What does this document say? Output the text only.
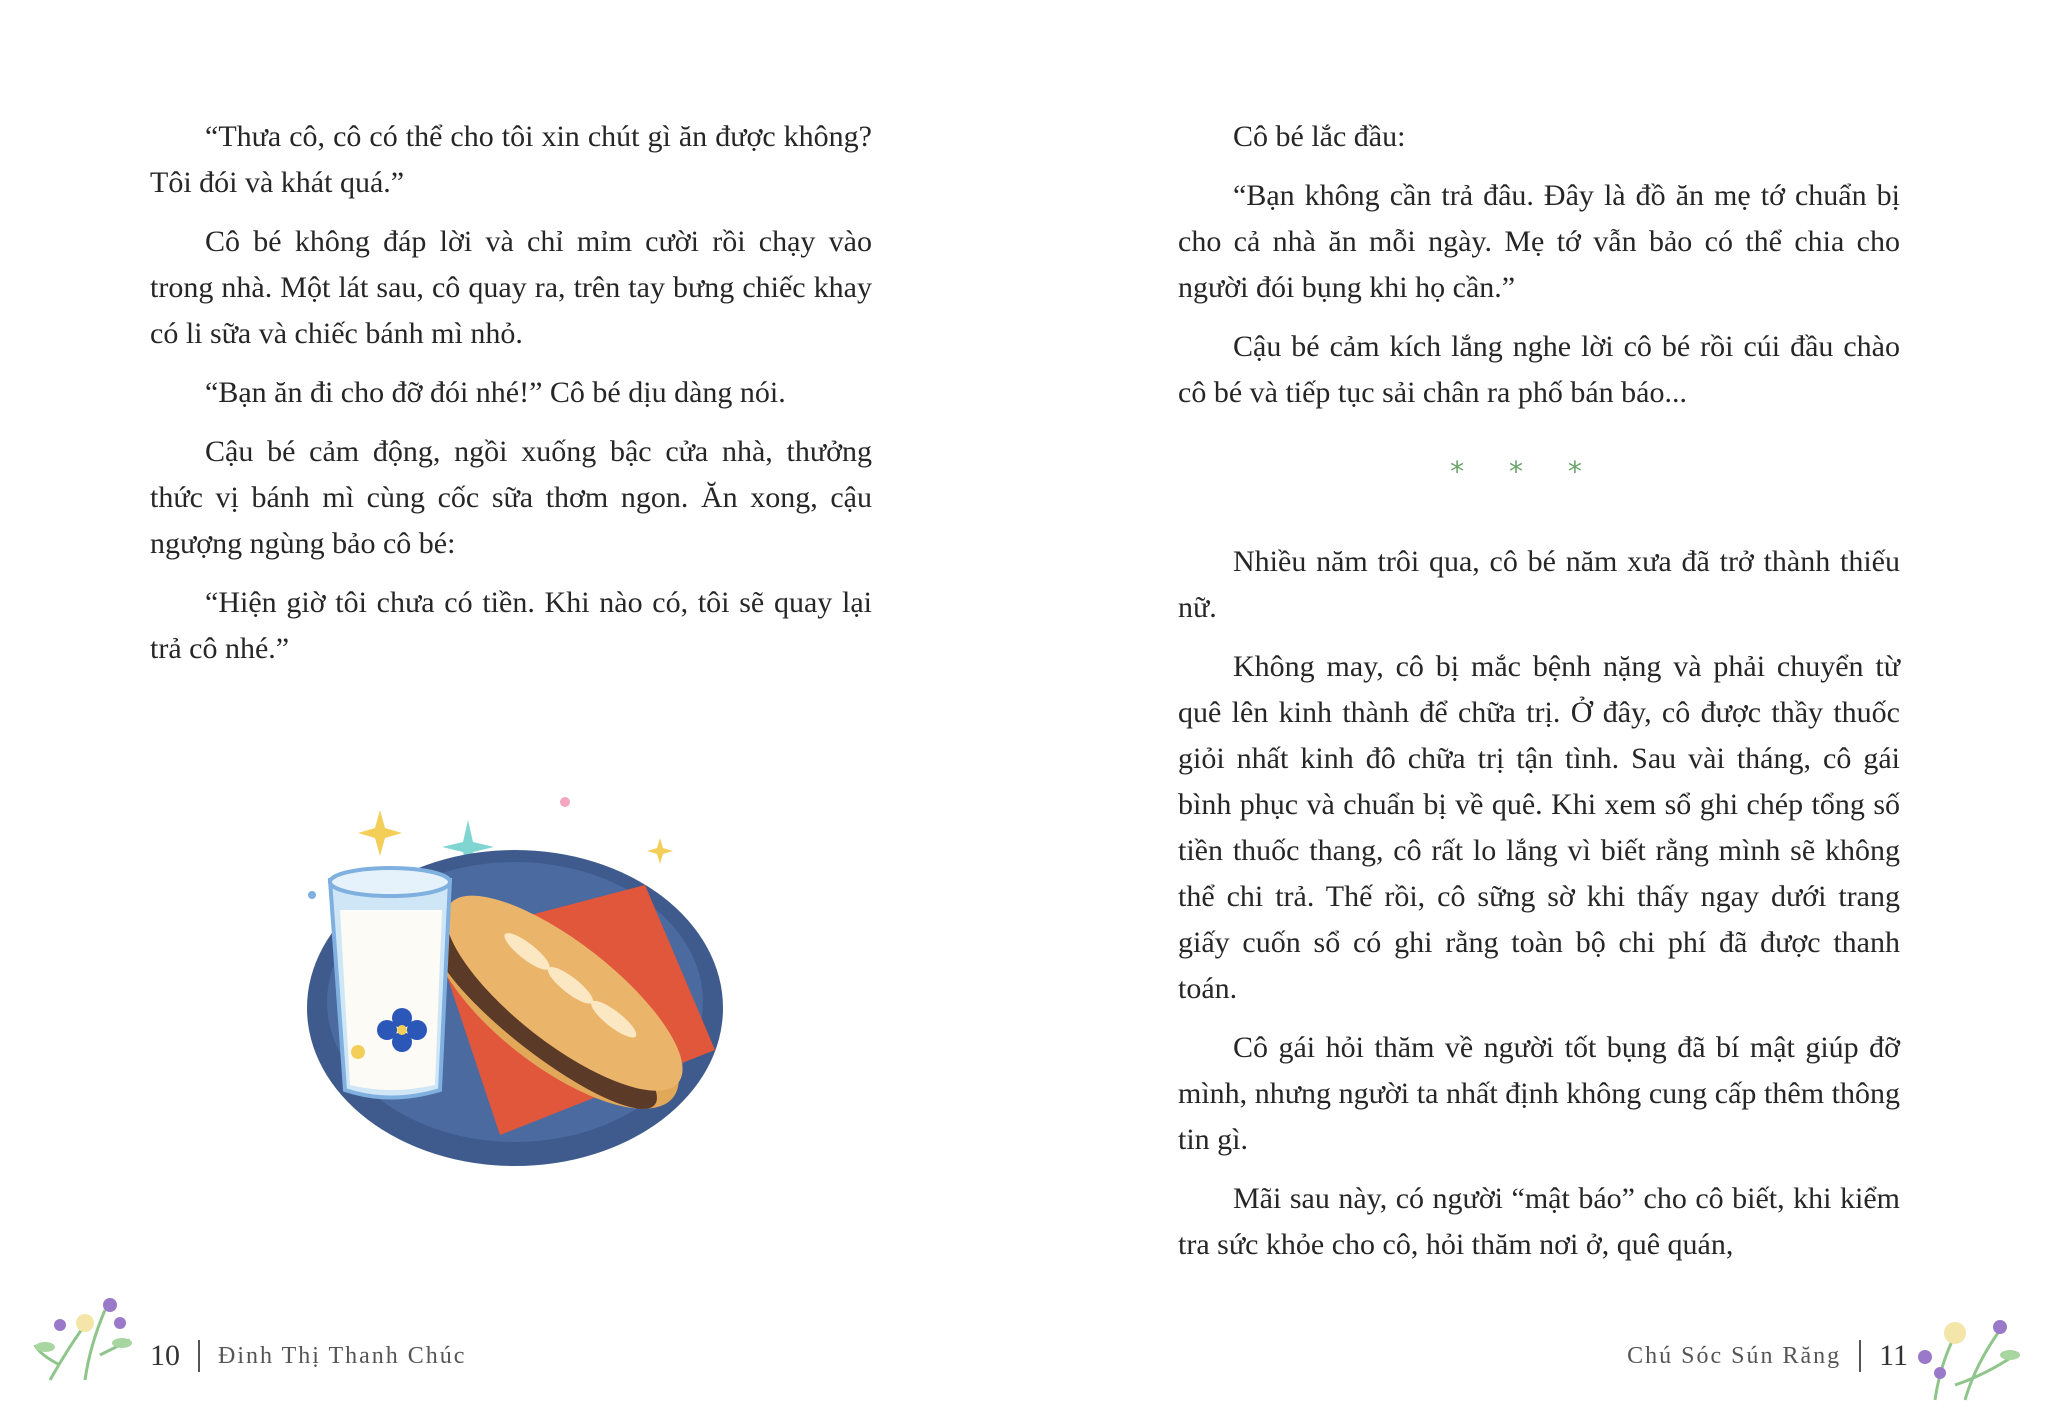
“Thưa cô, cô có thể cho tôi xin chút gì ăn được không? Tôi đói và khát quá.”

Cô bé không đáp lời và chỉ mỉm cười rồi chạy vào trong nhà. Một lát sau, cô quay ra, trên tay bưng chiếc khay có li sữa và chiếc bánh mì nhỏ.

“Bạn ăn đi cho đỡ đói nhé!” Cô bé dịu dàng nói.

Cậu bé cảm động, ngồi xuống bậc cửa nhà, thưởng thức vị bánh mì cùng cốc sữa thơm ngon. Ăn xong, cậu ngượng ngùng bảo cô bé:

“Hiện giờ tôi chưa có tiền. Khi nào có, tôi sẽ quay lại trả cô nhé.”

Cô bé lắc đầu:

“Bạn không cần trả đâu. Đây là đồ ăn mẹ tớ chuẩn bị cho cả nhà ăn mỗi ngày. Mẹ tớ vẫn bảo có thể chia cho người đói bụng khi họ cần.”

Cậu bé cảm kích lắng nghe lời cô bé rồi cúi đầu chào cô bé và tiếp tục sải chân ra phố bán báo...

* * *

Nhiều năm trôi qua, cô bé năm xưa đã trở thành thiếu nữ.

Không may, cô bị mắc bệnh nặng và phải chuyển từ quê lên kinh thành để chữa trị. Ở đây, cô được thầy thuốc giỏi nhất kinh đô chữa trị tận tình. Sau vài tháng, cô gái bình phục và chuẩn bị về quê. Khi xem sổ ghi chép tổng số tiền thuốc thang, cô rất lo lắng vì biết rằng mình sẽ không thể chi trả. Thế rồi, cô sững sờ khi thấy ngay dưới trang giấy cuốn sổ có ghi rằng toàn bộ chi phí đã được thanh toán.

Cô gái hỏi thăm về người tốt bụng đã bí mật giúp đỡ mình, nhưng người ta nhất định không cung cấp thêm thông tin gì.

Mãi sau này, có người “mật báo” cho cô biết, khi kiểm tra sức khỏe cho cô, hỏi thăm nơi ở, quê quán,

10 Đinh Thị Thanh Chúc	Chú Sóc Sún Răng 11
